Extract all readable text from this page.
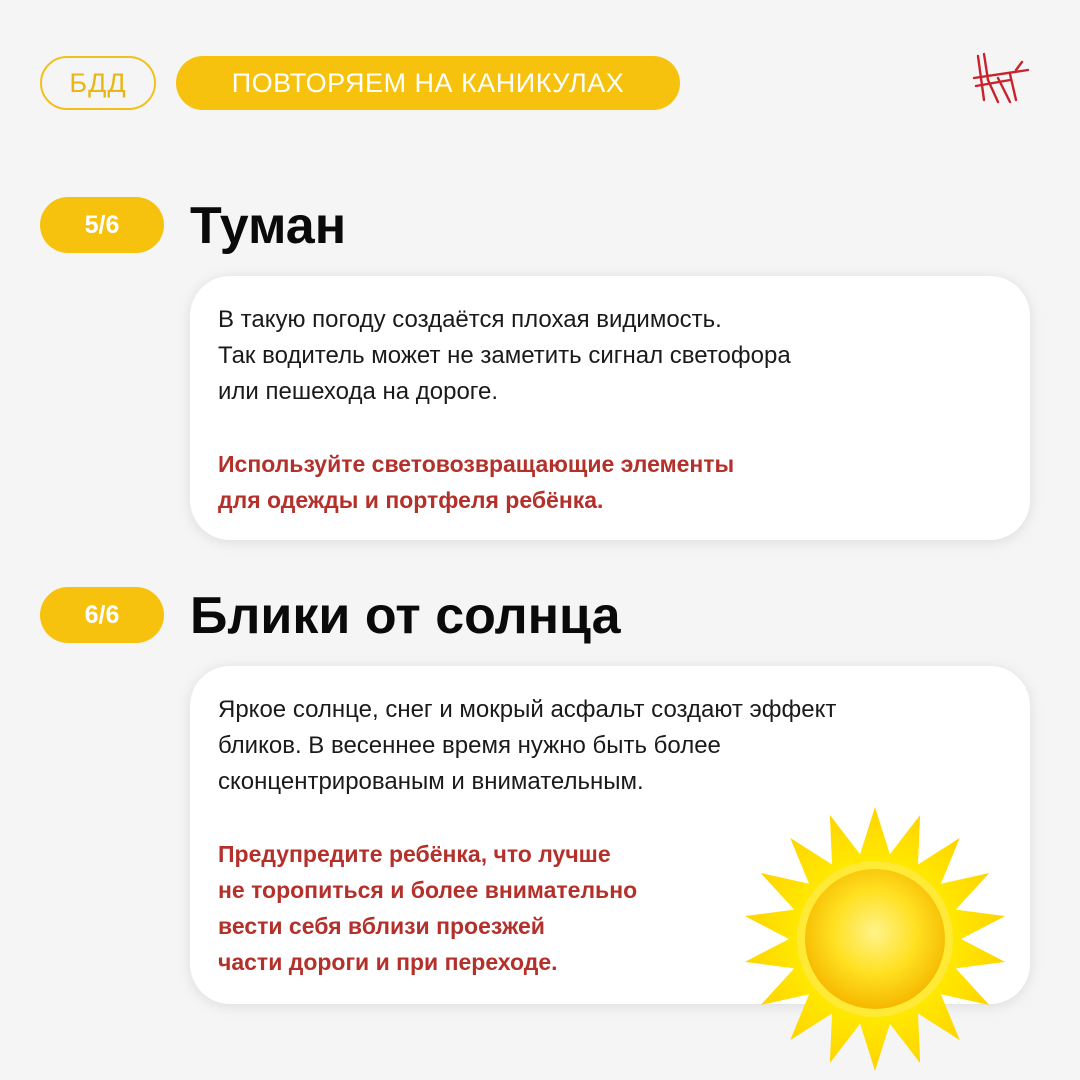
БДД	ПОВТОРЯЕМ НА КАНИКУЛАХ
5/6	Туман
В такую погоду создаётся плохая видимость.
Так водитель может не заметить сигнал светофора
или пешехода на дороге.
Используйте световозвращающие элементы
для одежды и портфеля ребёнка.
6/6	Блики от солнца
Яркое солнце, снег и мокрый асфальт создают эффект
бликов. В весеннее время нужно быть более
сконцентрированым и внимательным.
Предупредите ребёнка, что лучше
не торопиться и более внимательно
вести себя вблизи проезжей
части дороги и при переходе.
